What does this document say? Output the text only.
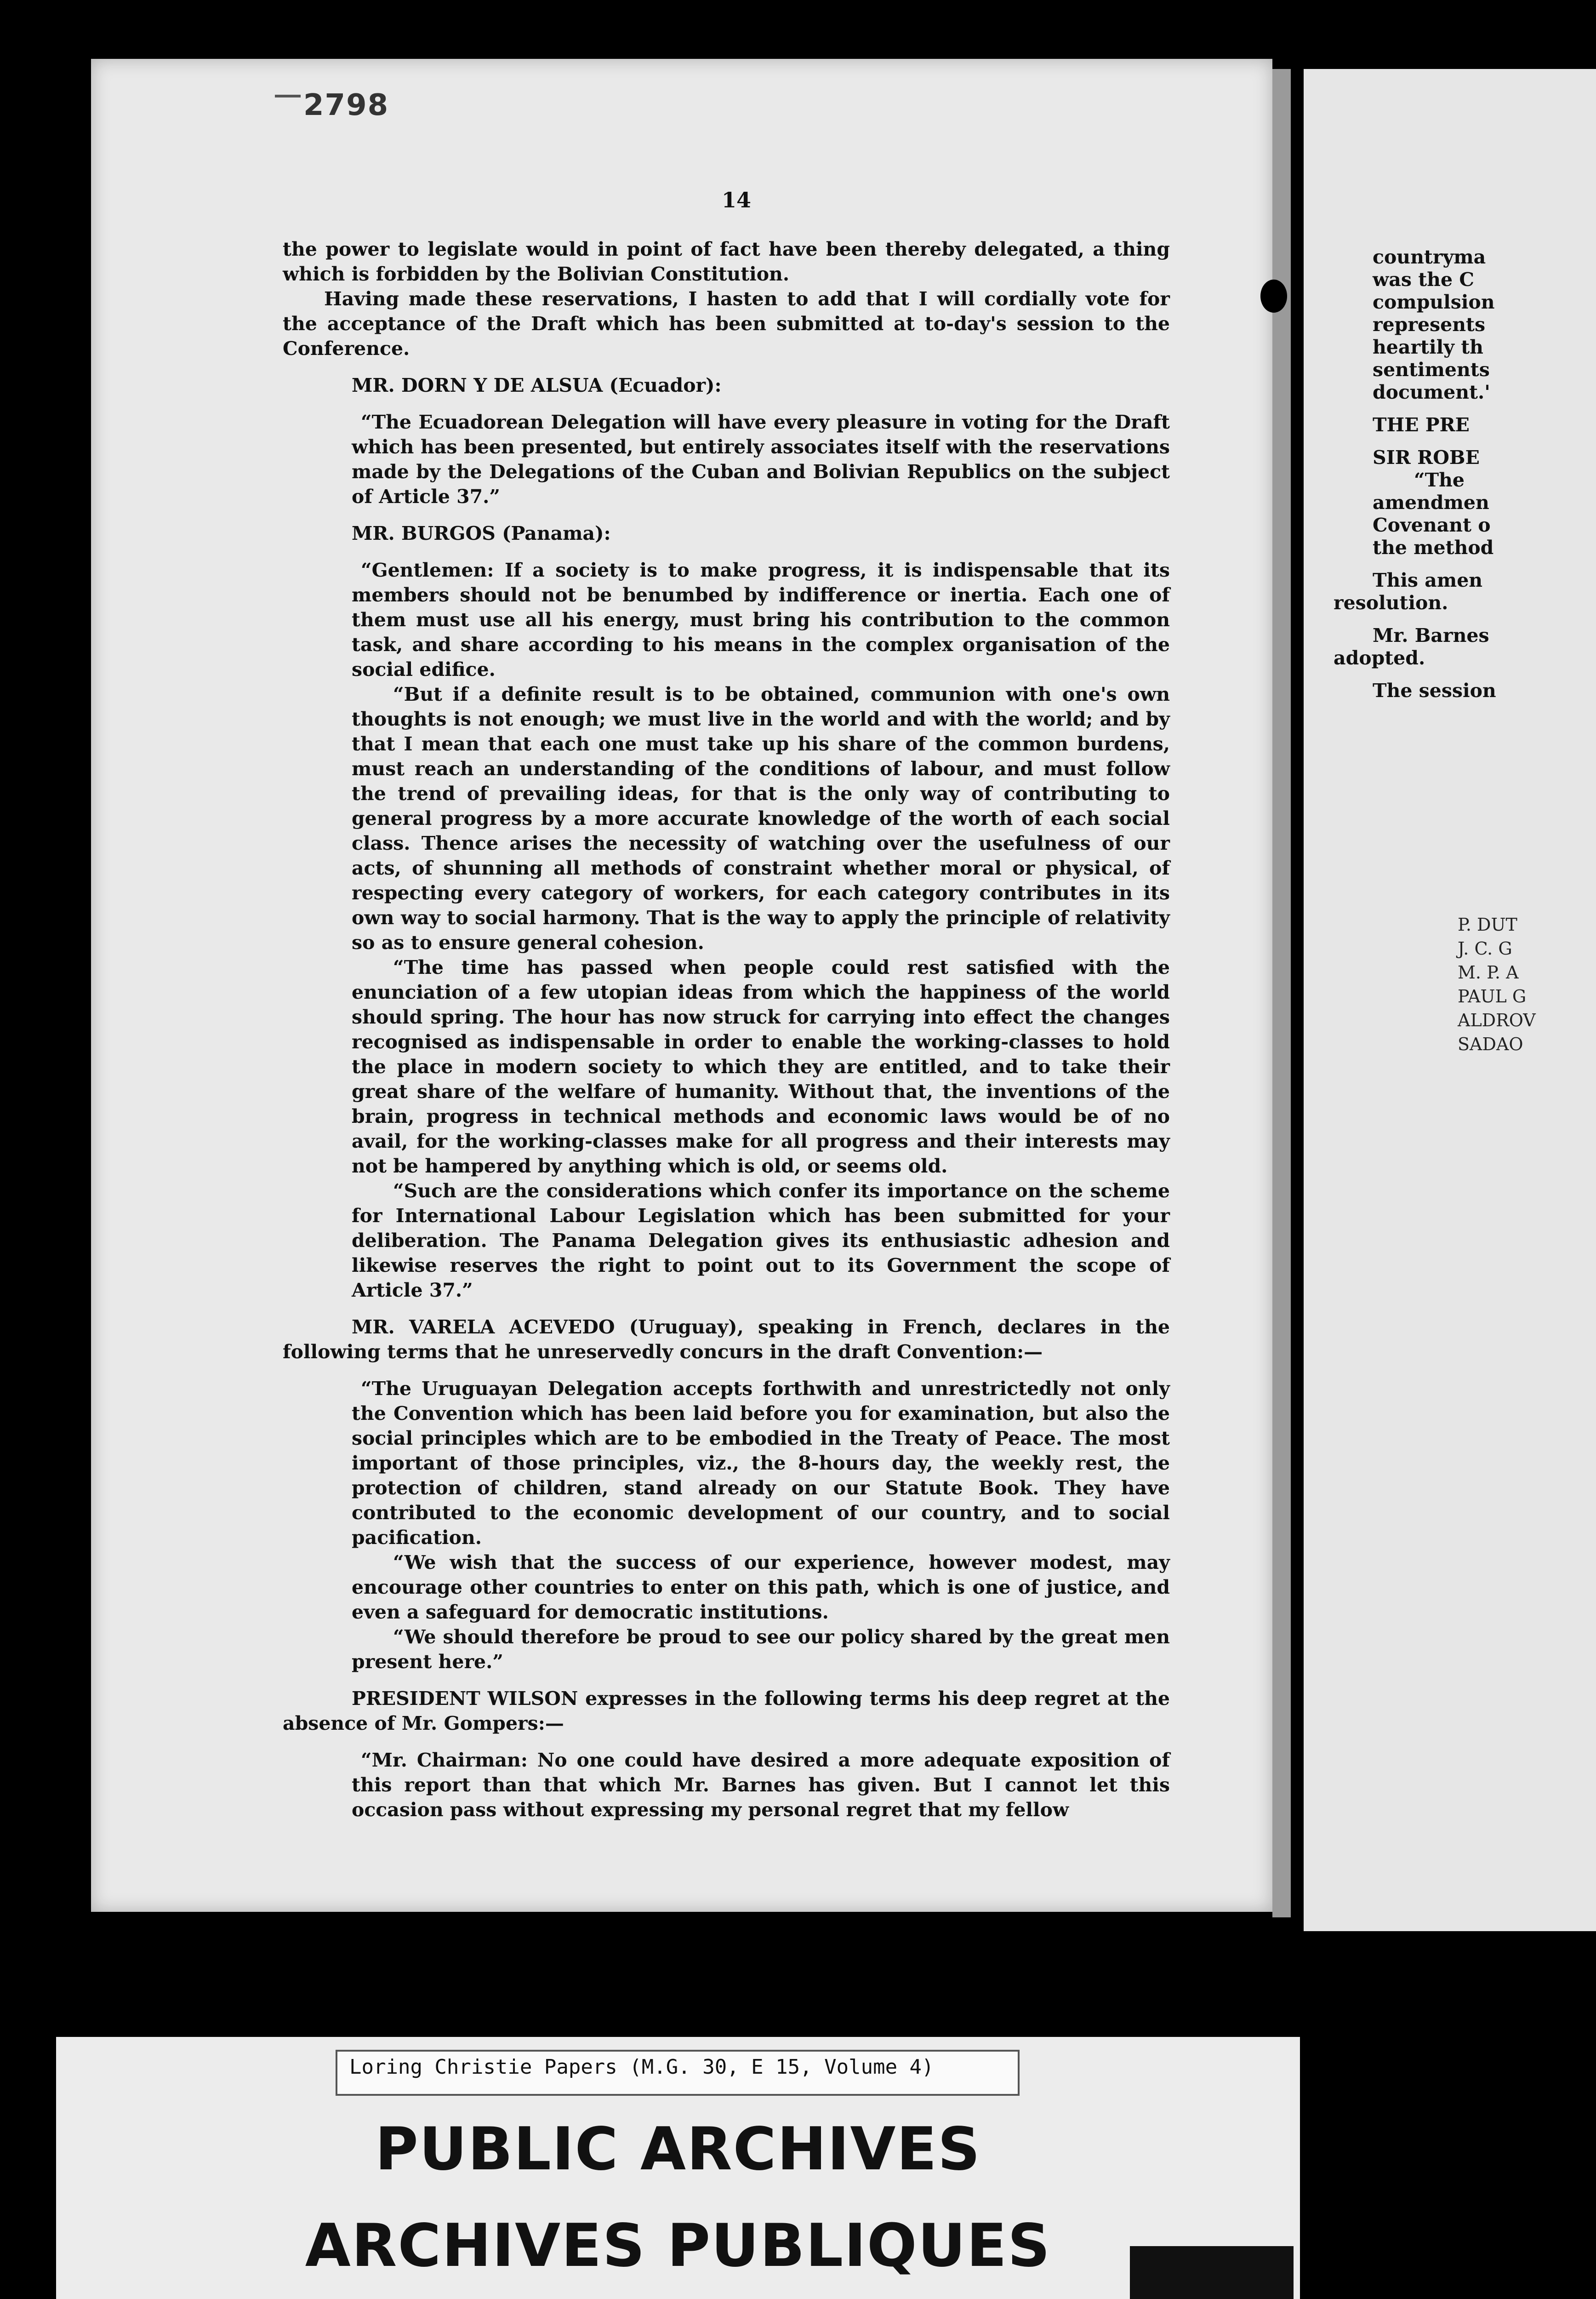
2798
14

the power to legislate would in point of fact have been thereby delegated, a thing which is forbidden by the Bolivian Constitution.

Having made these reservations, I hasten to add that I will cordially vote for the acceptance of the Draft which has been submitted at to-day's session to the Conference.

MR. DORN Y DE ALSUA (Ecuador):

“The Ecuadorean Delegation will have every pleasure in voting for the Draft which has been presented, but entirely associates itself with the reservations made by the Delegations of the Cuban and Bolivian Republics on the subject of Article 37.”

MR. BURGOS (Panama):

“Gentlemen: If a society is to make progress, it is indispensable that its members should not be benumbed by indifference or inertia. Each one of them must use all his energy, must bring his contribution to the common task, and share according to his means in the complex organisation of the social edifice.

“But if a definite result is to be obtained, communion with one's own thoughts is not enough; we must live in the world and with the world; and by that I mean that each one must take up his share of the common burdens, must reach an understanding of the conditions of labour, and must follow the trend of prevailing ideas, for that is the only way of contributing to general progress by a more accurate knowledge of the worth of each social class. Thence arises the necessity of watching over the usefulness of our acts, of shunning all methods of constraint whether moral or physical, of respecting every category of workers, for each category contributes in its own way to social harmony. That is the way to apply the principle of relativity so as to ensure general cohesion.

“The time has passed when people could rest satisfied with the enunciation of a few utopian ideas from which the happiness of the world should spring. The hour has now struck for carrying into effect the changes recognised as indispensable in order to enable the working-classes to hold the place in modern society to which they are entitled, and to take their great share of the welfare of humanity. Without that, the inventions of the brain, progress in technical methods and economic laws would be of no avail, for the working-classes make for all progress and their interests may not be hampered by anything which is old, or seems old.

“Such are the considerations which confer its importance on the scheme for International Labour Legislation which has been submitted for your deliberation. The Panama Delegation gives its enthusiastic adhesion and likewise reserves the right to point out to its Government the scope of Article 37.”

MR. VARELA ACEVEDO (Uruguay), speaking in French, declares in the following terms that he unreservedly concurs in the draft Convention:—

“The Uruguayan Delegation accepts forthwith and unrestrictedly not only the Convention which has been laid before you for examination, but also the social principles which are to be embodied in the Treaty of Peace. The most important of those principles, viz., the 8-hours day, the weekly rest, the protection of children, stand already on our Statute Book. They have contributed to the economic development of our country, and to social pacification.

“We wish that the success of our experience, however modest, may encourage other countries to enter on this path, which is one of justice, and even a safeguard for democratic institutions.

“We should therefore be proud to see our policy shared by the great men present here.”

PRESIDENT WILSON expresses in the following terms his deep regret at the absence of Mr. Gompers:—

“Mr. Chairman: No one could have desired a more adequate exposition of this report than that which Mr. Barnes has given. But I cannot let this occasion pass without expressing my personal regret that my fellow

countryma
was the C
compulsion
represents
heartily th
sentiments
document.'
THE PRE
SIR ROBE
“The
amendmen
Covenant o
the method
This amen
resolution.
Mr. Barnes
adopted.
The session
P. DUT
J. C. G
M. P. A
PAUL G
ALDROV
SADAO
Loring Christie Papers (M.G. 30, E 15, Volume 4)
PUBLIC ARCHIVES
ARCHIVES PUBLIQUES
